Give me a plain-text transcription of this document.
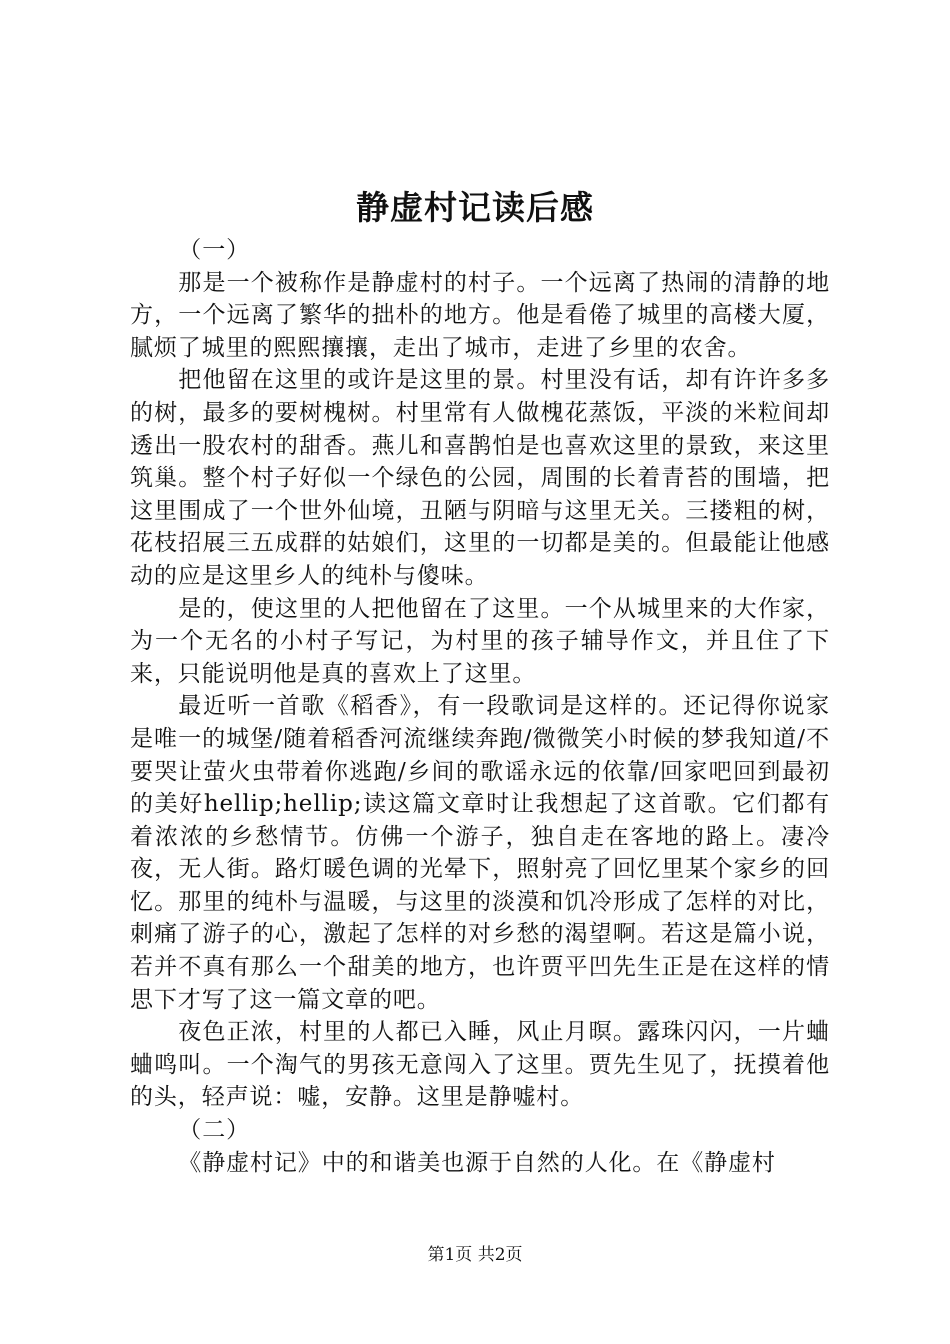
静虚村记读后感

（一）

那是一个被称作是静虚村的村子。一个远离了热闹的清静的地方，一个远离了繁华的拙朴的地方。他是看倦了城里的高楼大厦，腻烦了城里的熙熙攘攘，走出了城市，走进了乡里的农舍。

把他留在这里的或许是这里的景。村里没有话，却有许许多多的树，最多的要树槐树。村里常有人做槐花蒸饭，平淡的米粒间却透出一股农村的甜香。燕儿和喜鹊怕是也喜欢这里的景致，来这里筑巢。整个村子好似一个绿色的公园，周围的长着青苔的围墙，把这里围成了一个世外仙境，丑陋与阴暗与这里无关。三搂粗的树，花枝招展三五成群的姑娘们，这里的一切都是美的。但最能让他感动的应是这里乡人的纯朴与傻味。

是的，使这里的人把他留在了这里。一个从城里来的大作家，为一个无名的小村子写记，为村里的孩子辅导作文，并且住了下来，只能说明他是真的喜欢上了这里。

最近听一首歌《稻香》，有一段歌词是这样的。还记得你说家是唯一的城堡/随着稻香河流继续奔跑/微微笑小时候的梦我知道/不要哭让萤火虫带着你逃跑/乡间的歌谣永远的依靠/回家吧回到最初的美好hellip;hellip;读这篇文章时让我想起了这首歌。它们都有着浓浓的乡愁情节。仿佛一个游子，独自走在客地的路上。凄冷夜，无人街。路灯暖色调的光晕下，照射亮了回忆里某个家乡的回忆。那里的纯朴与温暖，与这里的淡漠和饥冷形成了怎样的对比，刺痛了游子的心，激起了怎样的对乡愁的渴望啊。若这是篇小说，若并不真有那么一个甜美的地方，也许贾平凹先生正是在这样的情思下才写了这一篇文章的吧。

夜色正浓，村里的人都已入睡，风止月暝。露珠闪闪，一片蛐蛐鸣叫。一个淘气的男孩无意闯入了这里。贾先生见了，抚摸着他的头，轻声说：嘘，安静。这里是静嘘村。

（二）

《静虚村记》中的和谐美也源于自然的人化。在《静虚村

第1页 共2页
